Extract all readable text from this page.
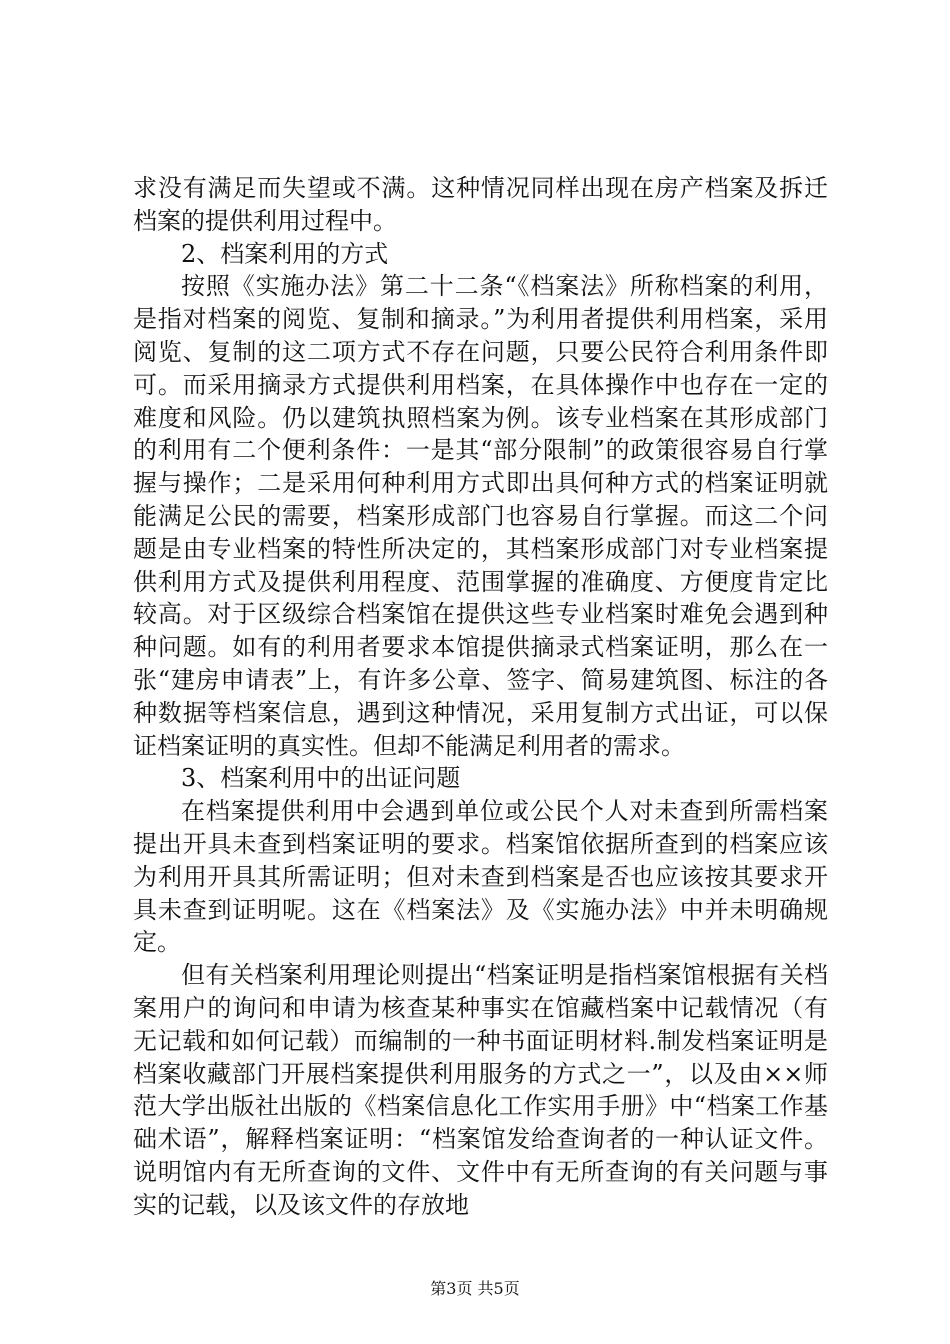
求没有满足而失望或不满。这种情况同样出现在房产档案及拆迁档案的提供利用过程中。

2、档案利用的方式

按照《实施办法》第二十二条“《档案法》所称档案的利用，是指对档案的阅览、复制和摘录。”为利用者提供利用档案，采用阅览、复制的这二项方式不存在问题，只要公民符合利用条件即可。而采用摘录方式提供利用档案，在具体操作中也存在一定的难度和风险。仍以建筑执照档案为例。该专业档案在其形成部门的利用有二个便利条件：一是其“部分限制”的政策很容易自行掌握与操作；二是采用何种利用方式即出具何种方式的档案证明就能满足公民的需要，档案形成部门也容易自行掌握。而这二个问题是由专业档案的特性所决定的，其档案形成部门对专业档案提供利用方式及提供利用程度、范围掌握的准确度、方便度肯定比较高。对于区级综合档案馆在提供这些专业档案时难免会遇到种种问题。如有的利用者要求本馆提供摘录式档案证明，那么在一张“建房申请表”上，有许多公章、签字、简易建筑图、标注的各种数据等档案信息，遇到这种情况，采用复制方式出证，可以保证档案证明的真实性。但却不能满足利用者的需求。

3、档案利用中的出证问题

在档案提供利用中会遇到单位或公民个人对未查到所需档案提出开具未查到档案证明的要求。档案馆依据所查到的档案应该为利用开具其所需证明；但对未查到档案是否也应该按其要求开具未查到证明呢。这在《档案法》及《实施办法》中并未明确规定。

但有关档案利用理论则提出“档案证明是指档案馆根据有关档案用户的询问和申请为核查某种事实在馆藏档案中记载情况（有无记载和如何记载）而编制的一种书面证明材料.制发档案证明是档案收藏部门开展档案提供利用服务的方式之一”，以及由××师范大学出版社出版的《档案信息化工作实用手册》中“档案工作基础术语”，解释档案证明：“档案馆发给查询者的一种认证文件。说明馆内有无所查询的文件、文件中有无所查询的有关问题与事实的记载，以及该文件的存放地

第3页 共5页
